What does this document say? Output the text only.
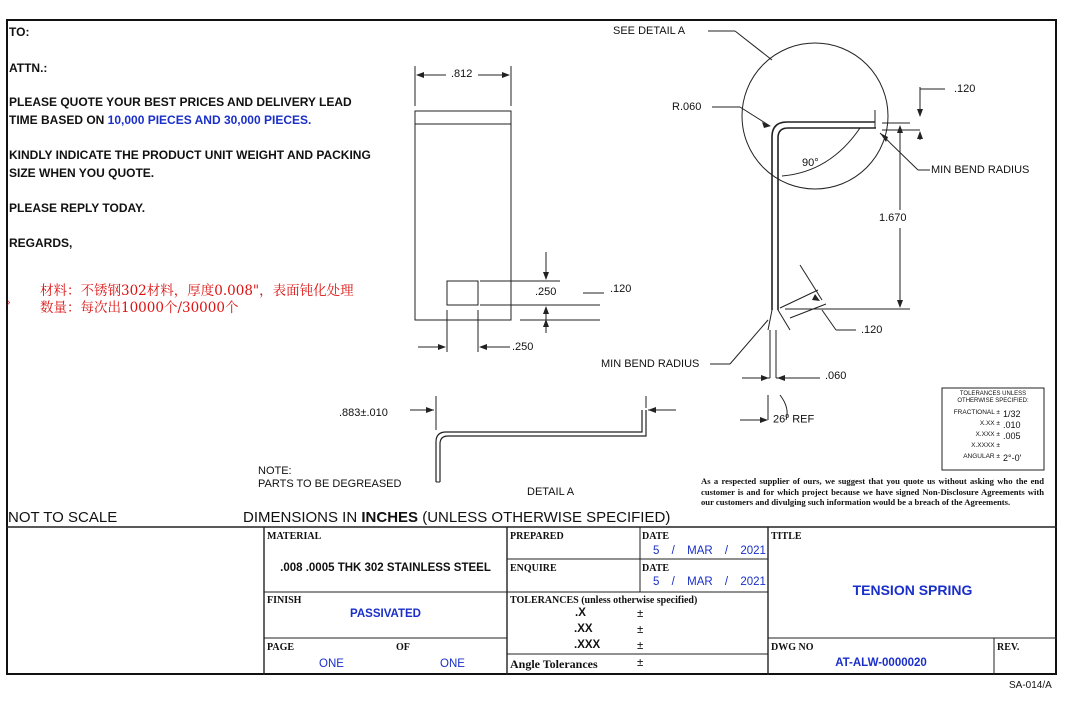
TO:
ATTN.:
PLEASE QUOTE YOUR BEST PRICES AND DELIVERY LEAD
TIME BASED ON 10,000 PIECES AND 30,000 PIECES.
KINDLY INDICATE THE PRODUCT UNIT WEIGHT AND PACKING
SIZE WHEN YOU QUOTE.
PLEASE REPLY TODAY.
REGARDS,
材料：不锈钢302材料，厚度0.008"，表面钝化处理
数量：每次出10000个/30000个
›
.812
.250	.120
.250
SEE DETAIL A
R.060
90°
.120
MIN BEND RADIUS
1.670
.120
MIN BEND RADIUS
.060
26$^o$ REF
.883±.010
NOTE:
PARTS TO BE DEGREASED
DETAIL A
TOLERANCES UNLESS
OTHERWISE SPECIFIED:
FRACTIONAL ± 1/32
X.XX ± .010
X.XXX ± .005
X.XXXX ±
ANGULAR ± 2°-0'
As a respected supplier of ours, we suggest that you quote us without asking who the end customer is and for which project because we have signed Non-Disclosure Agreements with our customers and divulging such information would be a breach of the Agreements.
NOT TO SCALE	DIMENSIONS IN INCHES (UNLESS OTHERWISE SPECIFIED)
MATERIAL
.008 .0005 THK 302 STAINLESS STEEL
FINISH
PASSIVATED
PAGE	OF
ONE	ONE
PREPARED	DATE
5 / MAR / 2021
ENQUIRE	DATE
5 / MAR / 2021
TOLERANCES (unless otherwise specified)
.X	±
.XX	±
.XXX	±
Angle Tolerances	±
TITLE
TENSION SPRING
DWG NO
AT-ALW-0000020
REV.
SA-014/A
